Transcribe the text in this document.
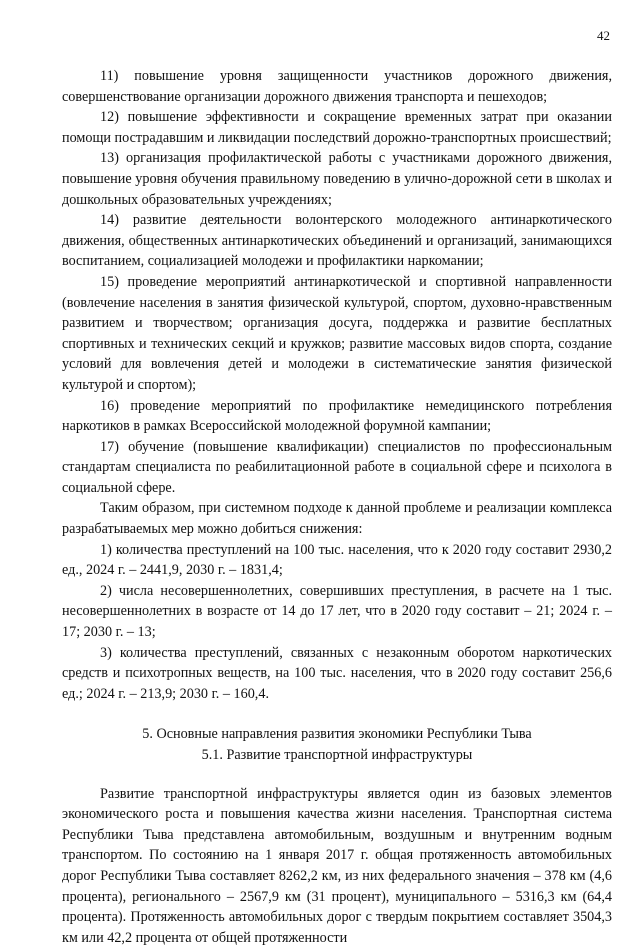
42

11) повышение уровня защищенности участников дорожного движения, совершенствование организации дорожного движения транспорта и пешеходов;

12) повышение эффективности и сокращение временных затрат при оказании помощи пострадавшим и ликвидации последствий дорожно-транспортных происшествий;

13) организация профилактической работы с участниками дорожного движения, повышение уровня обучения правильному поведению в улично-дорожной сети в школах и дошкольных образовательных учреждениях;

14) развитие деятельности волонтерского молодежного антинаркотического движения, общественных антинаркотических объединений и организаций, занимающихся воспитанием, социализацией молодежи и профилактики наркомании;

15) проведение мероприятий антинаркотической и спортивной направленности (вовлечение населения в занятия физической культурой, спортом, духовно-нравственным развитием и творчеством; организация досуга, поддержка и развитие бесплатных спортивных и технических секций и кружков; развитие массовых видов спорта, создание условий для вовлечения детей и молодежи в систематические занятия физической культурой и спортом);

16) проведение мероприятий по профилактике немедицинского потребления наркотиков в рамках Всероссийской молодежной форумной кампании;

17) обучение (повышение квалификации) специалистов по профессиональным стандартам специалиста по реабилитационной работе в социальной сфере и психолога в социальной сфере.

Таким образом, при системном подходе к данной проблеме и реализации комплекса разрабатываемых мер можно добиться снижения:

1) количества преступлений на 100 тыс. населения, что к 2020 году составит 2930,2 ед., 2024 г. – 2441,9, 2030 г. – 1831,4;

2) числа несовершеннолетних, совершивших преступления, в расчете на 1 тыс. несовершеннолетних в возрасте от 14 до 17 лет, что в 2020 году составит – 21; 2024 г. – 17; 2030 г. – 13;

3) количества преступлений, связанных с незаконным оборотом наркотических средств и психотропных веществ, на 100 тыс. населения, что в 2020 году составит 256,6 ед.; 2024 г. – 213,9; 2030 г. – 160,4.

5. Основные направления развития экономики Республики Тыва

5.1. Развитие транспортной инфраструктуры

Развитие транспортной инфраструктуры является один из базовых элементов экономического роста и повышения качества жизни населения. Транспортная система Республики Тыва представлена автомобильным, воздушным и внутренним водным транспортом. По состоянию на 1 января 2017 г. общая протяженность автомобильных дорог Республики Тыва составляет 8262,2 км, из них федерального значения – 378 км (4,6 процента), регионального – 2567,9 км (31 процент), муниципального – 5316,3 км (64,4 процента). Протяженность автомобильных дорог с твердым покрытием составляет 3504,3 км или 42,2 процента от общей протяженности
